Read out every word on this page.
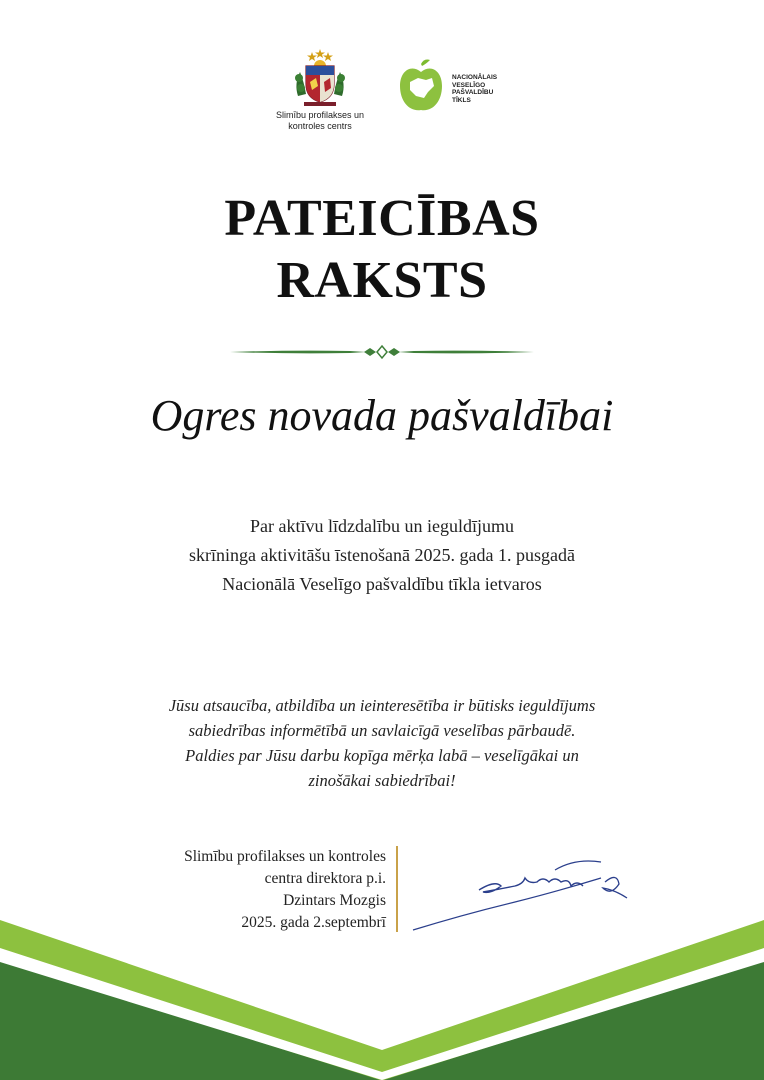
Slimību profilakses un
kontroles centrs
NACIONĀLAIS
VESELĪGO
PAŠVALDĪBU
TĪKLS
PATEICĪBAS
RAKSTS
Ogres novada pašvaldībai
Par aktīvu līdzdalību un ieguldījumu
skrīninga aktivitāšu īstenošanā 2025. gada 1. pusgadā
Nacionālā Veselīgo pašvaldību tīkla ietvaros
Jūsu atsaucība, atbildība un ieinteresētība ir būtisks ieguldījums
sabiedrības informētībā un savlaicīgā veselības pārbaudē.
Paldies par Jūsu darbu kopīga mērķa labā – veselīgākai un
zinošākai sabiedrībai!
Slimību profilakses un kontroles
centra direktora p.i.
Dzintars Mozgis
2025. gada 2.septembrī
